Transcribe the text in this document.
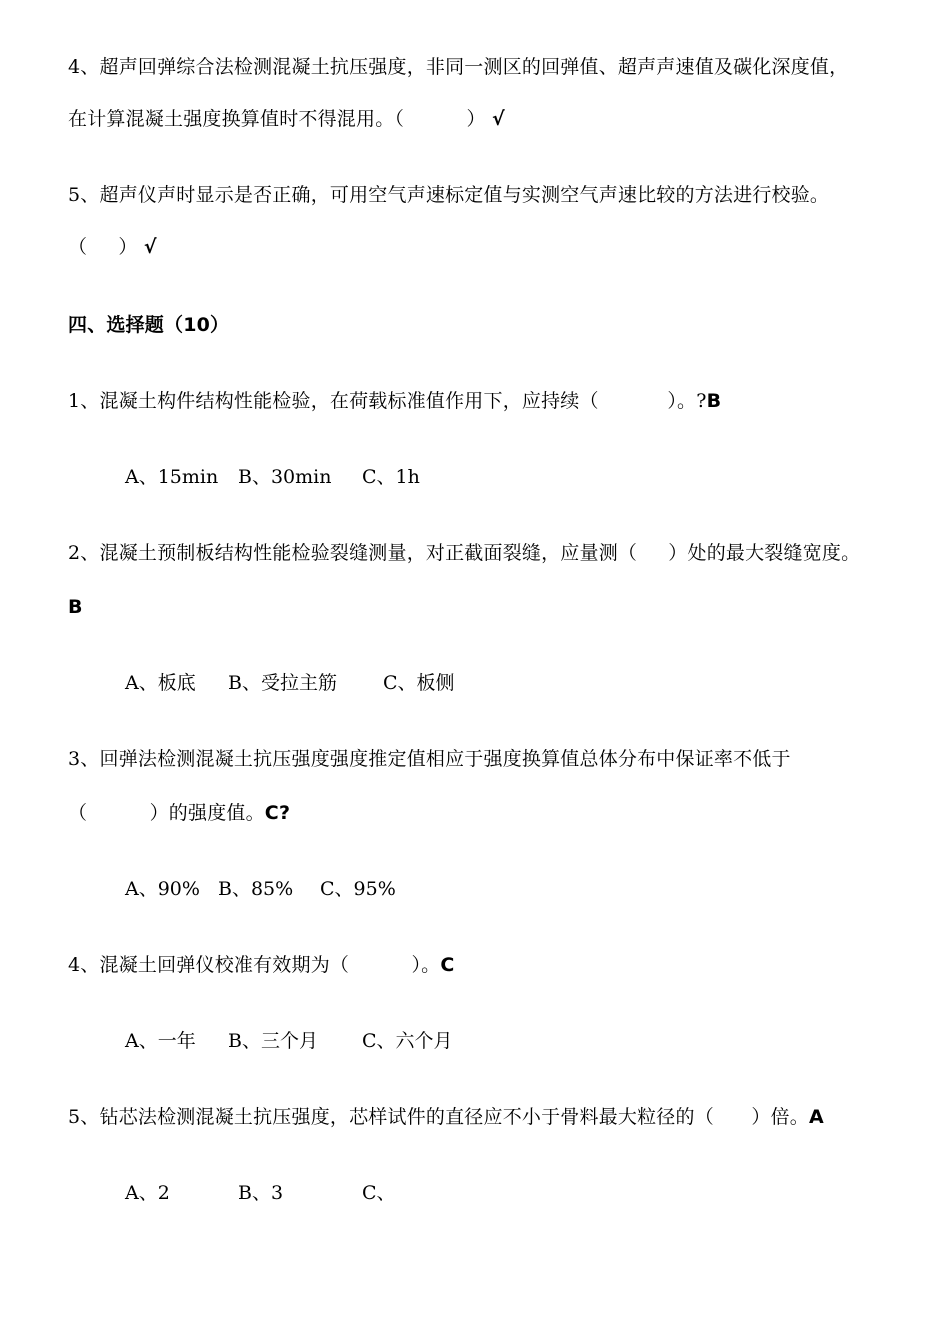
4、超声回弹综合法检测混凝土抗压强度，非同一测区的回弹值、超声声速值及碳化深度值，
在计算混凝土强度换算值时不得混用。（          ） √
5、超声仪声时显示是否正确，可用空气声速标定值与实测空气声速比较的方法进行校验。
（     ） √
四、选择题（10）
1、混凝土构件结构性能检验，在荷载标准值作用下，应持续（           ）。?B
A、15min B、30min C、1h
2、混凝土预制板结构性能检验裂缝测量，对正截面裂缝，应量测（     ）处的最大裂缝宽度。
B
A、板底 B、受拉主筋 C、板侧
3、回弹法检测混凝土抗压强度强度推定值相应于强度换算值总体分布中保证率不低于
（          ）的强度值。C?
A、90% B、85% C、95%
4、混凝土回弹仪校准有效期为（          ）。C
A、一年 B、三个月 C、六个月
5、钻芯法检测混凝土抗压强度，芯样试件的直径应不小于骨料最大粒径的（      ）倍。A
A、2	B、3	C、
